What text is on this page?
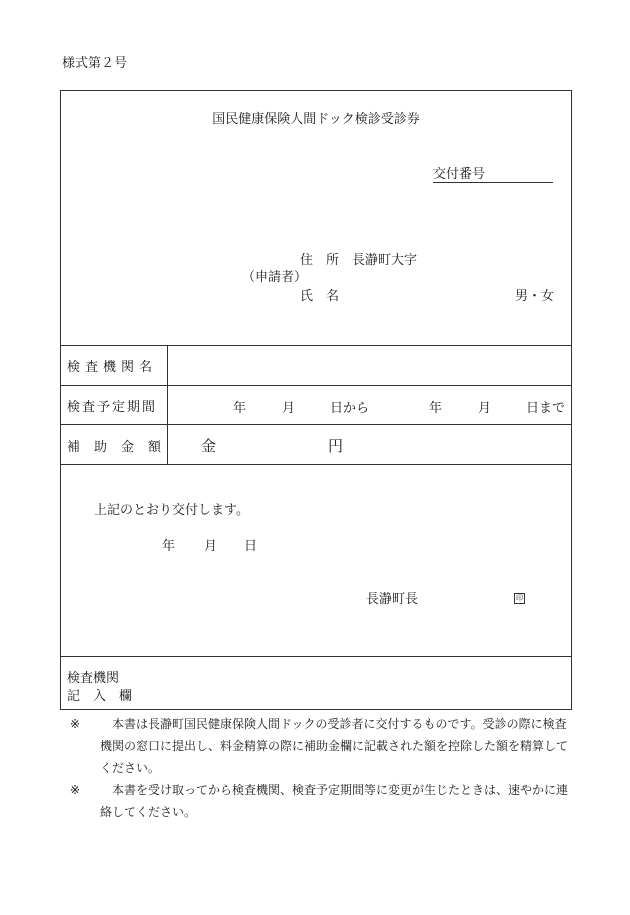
様式第２号
国民健康保険人間ドック検診受診券
交付番号
住　所 長瀞町大字
（申請者）
氏　名	男・女
検査機関名
検査予定期間	年	月	日から	年	月	日まで
補助金額 金	円
上記のとおり交付します。
年 月 日
長瀞町長	印
検査機関
記　入　欄
※	本書は長瀞町国民健康保険人間ドックの受診者に交付するものです。受診の際に検査機関の窓口に提出し、料金精算の際に補助金欄に記載された額を控除した額を精算してください。
※	本書を受け取ってから検査機関、検査予定期間等に変更が生じたときは、速やかに連絡してください。
